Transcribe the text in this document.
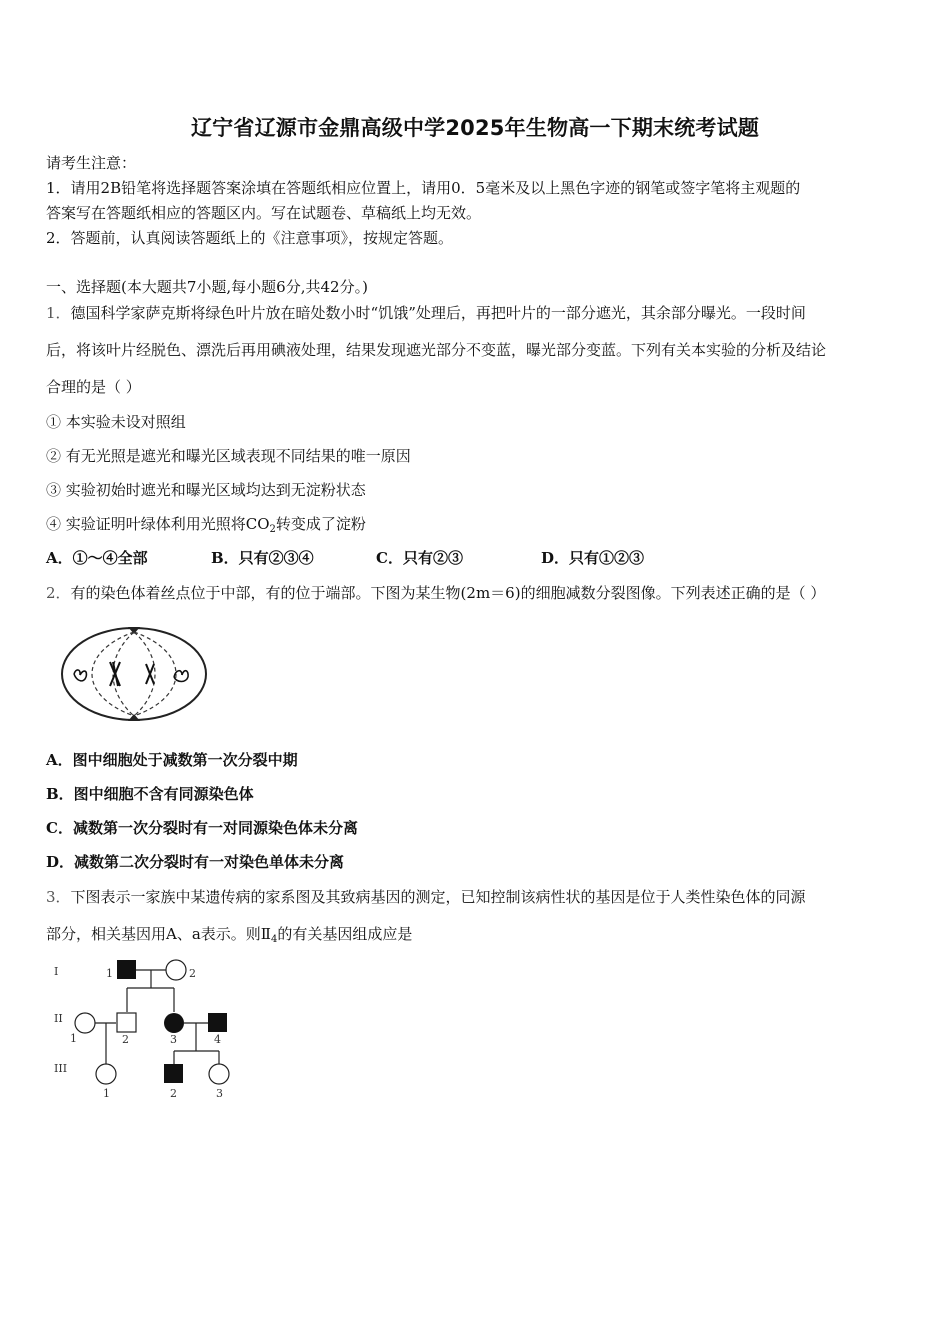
辽宁省辽源市金鼎高级中学2025年生物高一下期末统考试题
请考生注意：
1．请用2B铅笔将选择题答案涂填在答题纸相应位置上，请用0．5毫米及以上黑色字迹的钢笔或签字笔将主观题的
答案写在答题纸相应的答题区内。写在试题卷、草稿纸上均无效。
2．答题前，认真阅读答题纸上的《注意事项》，按规定答题。
一、选择题(本大题共7小题,每小题6分,共42分。)
1．德国科学家萨克斯将绿色叶片放在暗处数小时“饥饿”处理后，再把叶片的一部分遮光，其余部分曝光。一段时间
后，将该叶片经脱色、漂洗后再用碘液处理，结果发现遮光部分不变蓝，曝光部分变蓝。下列有关本实验的分析及结论
合理的是（ ）
① 本实验未设对照组
② 有无光照是遮光和曝光区域表现不同结果的唯一原因
③ 实验初始时遮光和曝光区域均达到无淀粉状态
④ 实验证明叶绿体利用光照将$CO_2$转变成了淀粉
A．①～④全部	B．只有②③④	C．只有②③	D．只有①②③
2．有的染色体着丝点位于中部，有的位于端部。下图为某生物(2m＝6)的细胞减数分裂图像。下列表述正确的是（ ）
A．图中细胞处于减数第一次分裂中期
B．图中细胞不含有同源染色体
C．减数第一次分裂时有一对同源染色体未分离
D．减数第二次分裂时有一对染色单体未分离
3．下图表示一家族中某遗传病的家系图及其致病基因的测定，已知控制该病性状的基因是位于人类性染色体的同源
部分，相关基因用A、a表示。则$Ⅱ_4$的有关基因组成应是
I
II
III
1	2
1	2	3	4
1	2	3
